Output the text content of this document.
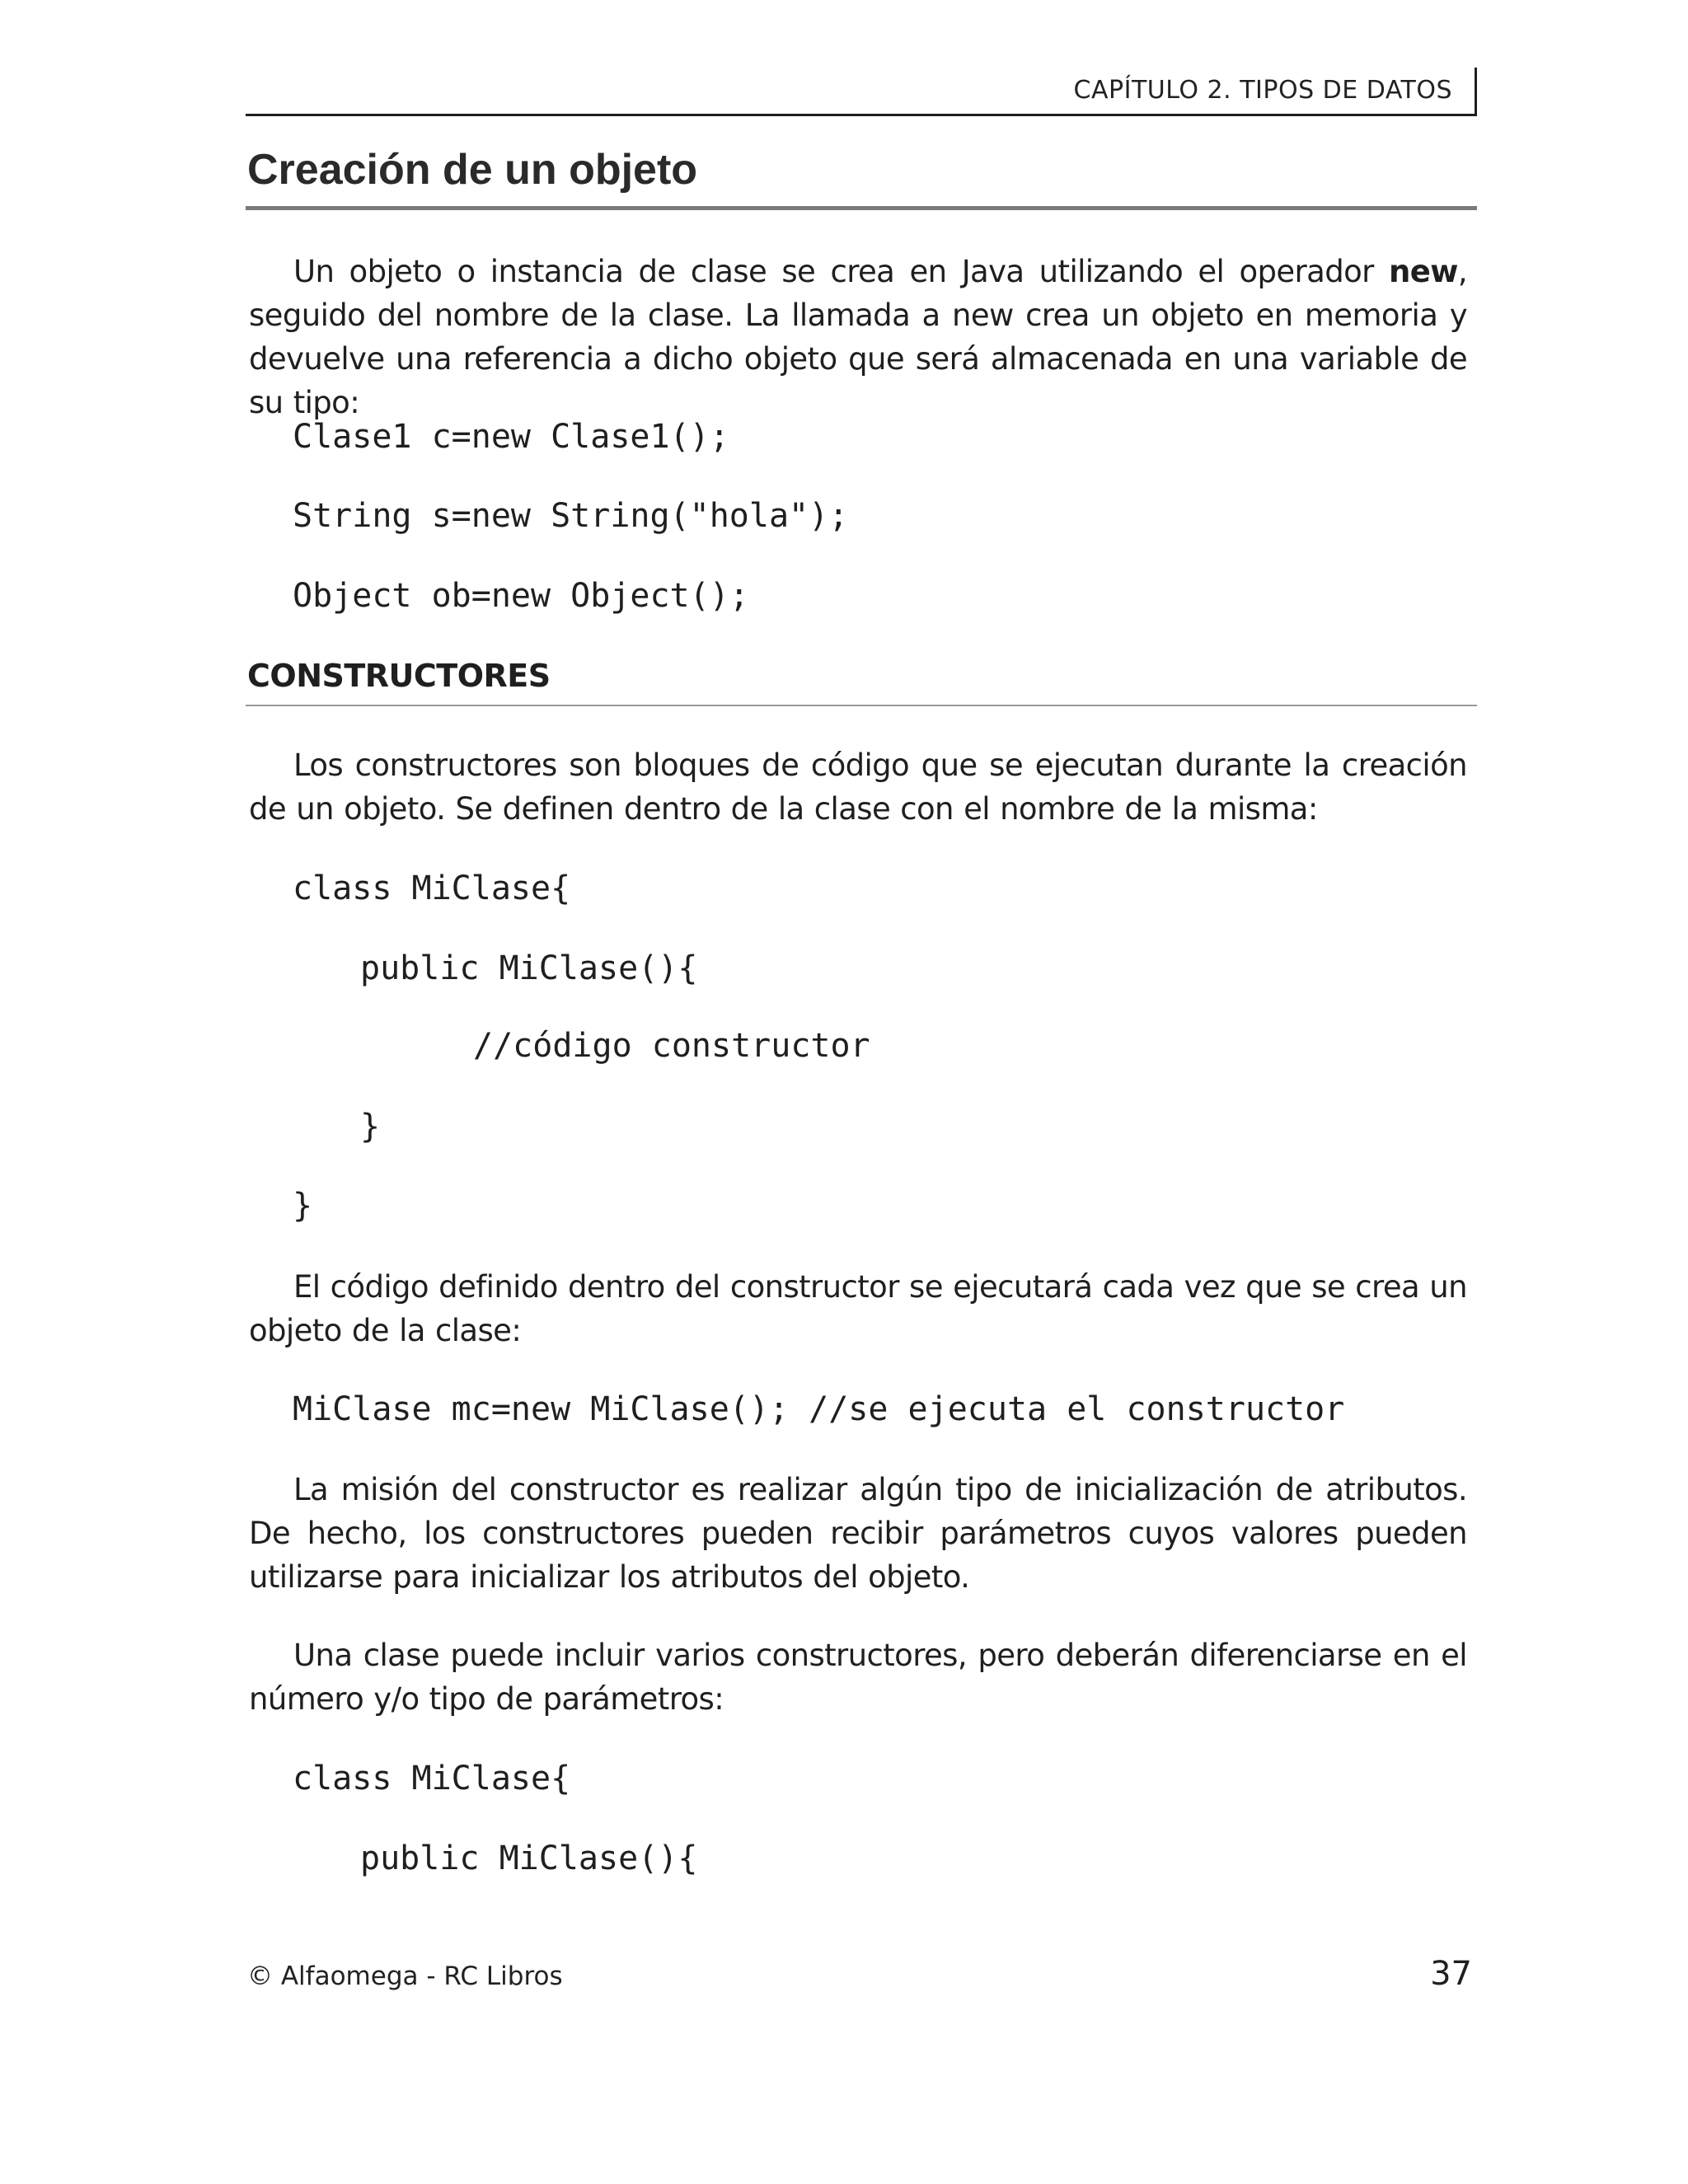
CAPÍTULO 2. TIPOS DE DATOS
Creación de un objeto

Un objeto o instancia de clase se crea en Java utilizando el operador new, seguido del nombre de la clase. La llamada a new crea un objeto en memoria y devuelve una referencia a dicho objeto que será almacenada en una variable de su tipo:

Clase1 c=new Clase1();
String s=new String("hola");
Object ob=new Object();
CONSTRUCTORES

Los constructores son bloques de código que se ejecutan durante la creación de un objeto. Se definen dentro de la clase con el nombre de la misma:

class MiClase{
public MiClase(){
//código constructor
}
}

El código definido dentro del constructor se ejecutará cada vez que se crea un objeto de la clase:

MiClase mc=new MiClase(); //se ejecuta el constructor

La misión del constructor es realizar algún tipo de inicialización de atributos. De hecho, los constructores pueden recibir parámetros cuyos valores pueden utilizarse para inicializar los atributos del objeto.

Una clase puede incluir varios constructores, pero deberán diferenciarse en el número y/o tipo de parámetros:

class MiClase{
public MiClase(){
© Alfaomega - RC Libros	37
